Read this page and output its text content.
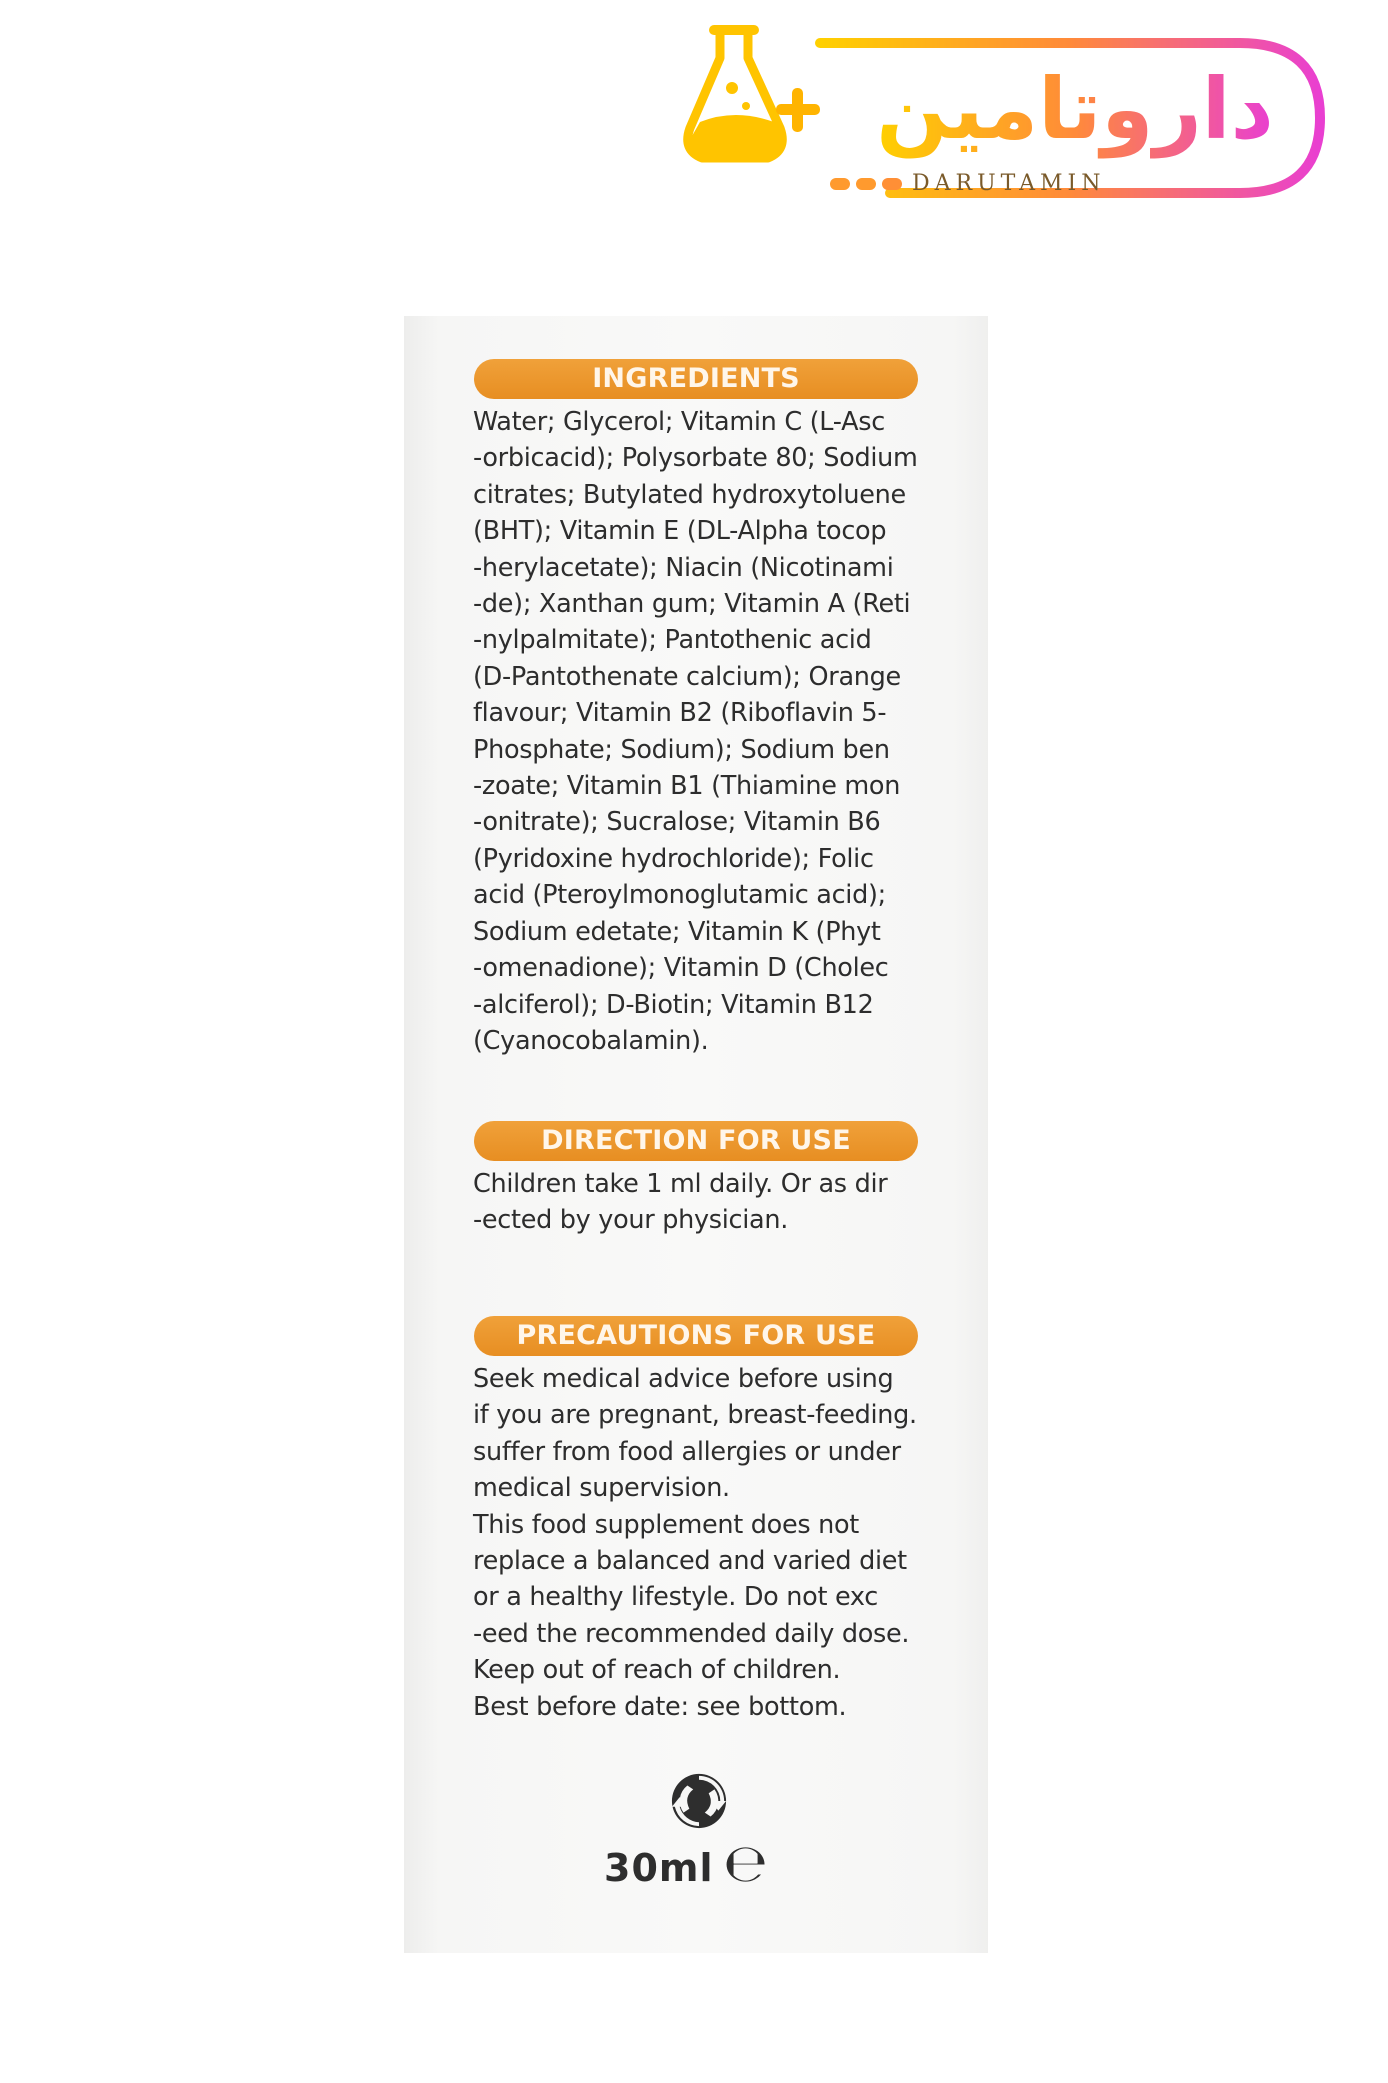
داروتامین
DARUTAMIN
INGREDIENTS
Water; Glycerol; Vitamin C (L-Asc
-orbicacid); Polysorbate 80; Sodium
citrates; Butylated hydroxytoluene
(BHT); Vitamin E (DL-Alpha tocop
-herylacetate); Niacin (Nicotinami
-de); Xanthan gum; Vitamin A (Reti
-nylpalmitate); Pantothenic acid
(D-Pantothenate calcium); Orange
flavour; Vitamin B2 (Riboflavin 5-
Phosphate; Sodium); Sodium ben
-zoate; Vitamin B1 (Thiamine mon
-onitrate); Sucralose; Vitamin B6
(Pyridoxine hydrochloride); Folic
acid (Pteroylmonoglutamic acid);
Sodium edetate; Vitamin K (Phyt
-omenadione); Vitamin D (Cholec
-alciferol); D-Biotin; Vitamin B12
(Cyanocobalamin).
DIRECTION FOR USE
Children take 1 ml daily. Or as dir
-ected by your physician.
PRECAUTIONS FOR USE
Seek medical advice before using
if you are pregnant, breast-feeding.
suffer from food allergies or under
medical supervision.
This food supplement does not
replace a balanced and varied diet
or a healthy lifestyle. Do not exc
-eed the recommended daily dose.
Keep out of reach of children.
Best before date: see bottom.
30ml ℮
